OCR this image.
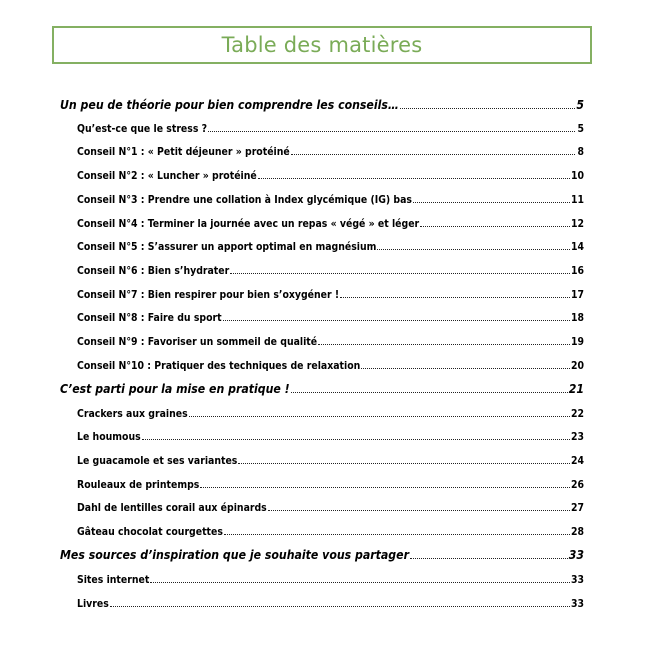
Table des matières
Un peu de théorie pour bien comprendre les conseils…	5
Qu’est-ce que le stress ?	5
Conseil N°1 : « Petit déjeuner » protéiné	8
Conseil N°2 : « Luncher » protéiné	10
Conseil N°3 : Prendre une collation à Index glycémique (IG) bas	11
Conseil N°4 : Terminer la journée avec un repas « végé » et léger	12
Conseil N°5 : S’assurer un apport optimal en magnésium	14
Conseil N°6 : Bien s’hydrater	16
Conseil N°7 : Bien respirer pour bien s’oxygéner !	17
Conseil N°8 : Faire du sport	18
Conseil N°9 : Favoriser un sommeil de qualité	19
Conseil N°10 : Pratiquer des techniques de relaxation	20
C’est parti pour la mise en pratique !	21
Crackers aux graines	22
Le houmous	23
Le guacamole et ses variantes	24
Rouleaux de printemps	26
Dahl de lentilles corail aux épinards	27
Gâteau chocolat courgettes	28
Mes sources d’inspiration que je souhaite vous partager	33
Sites internet	33
Livres	33
